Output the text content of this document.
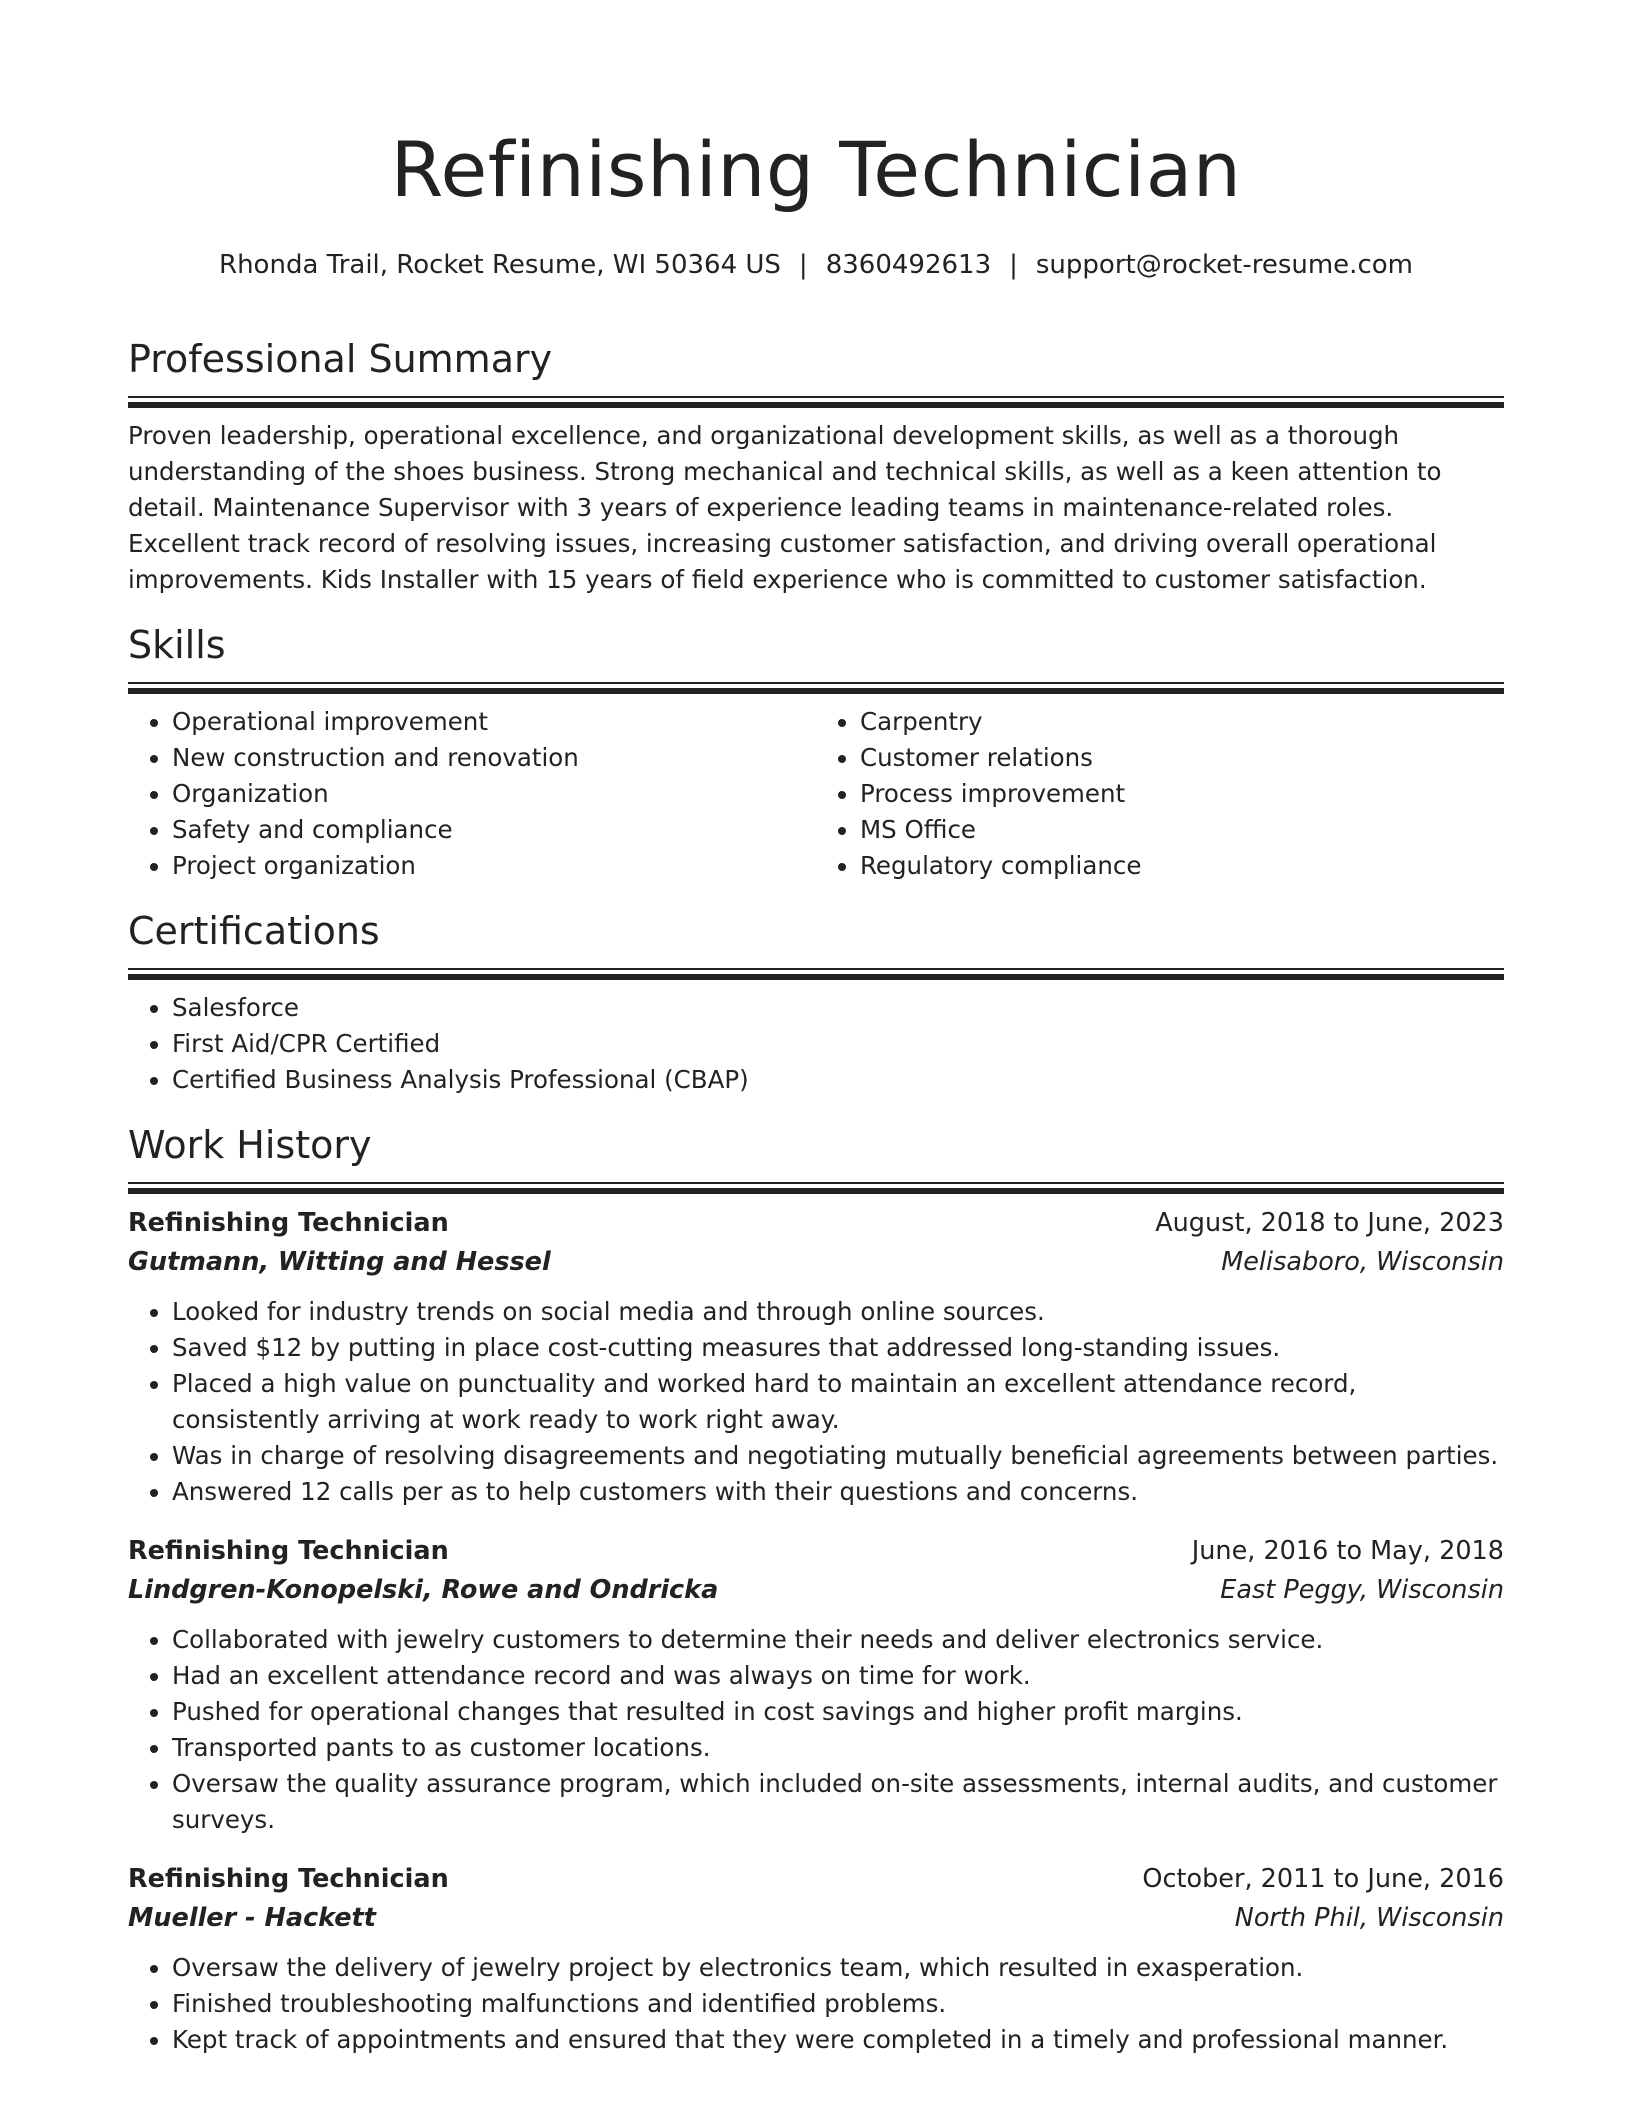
Refinishing Technician
Rhonda Trail, Rocket Resume, WI 50364 US | 8360492613 | support@rocket-resume.com
Professional Summary
Proven leadership, operational excellence, and organizational development skills, as well as a thorough understanding of the shoes business. Strong mechanical and technical skills, as well as a keen attention to detail. Maintenance Supervisor with 3 years of experience leading teams in maintenance-related roles. Excellent track record of resolving issues, increasing customer satisfaction, and driving overall operational improvements. Kids Installer with 15 years of field experience who is committed to customer satisfaction.
Skills
• Operational improvement
• New construction and renovation
• Organization
• Safety and compliance
• Project organization
• Carpentry
• Customer relations
• Process improvement
• MS Office
• Regulatory compliance
Certifications
• Salesforce
• First Aid/CPR Certified
• Certified Business Analysis Professional (CBAP)
Work History
Refinishing Technician	August, 2018 to June, 2023
Gutmann, Witting and Hessel	Melisaboro, Wisconsin
• Looked for industry trends on social media and through online sources.
• Saved $12 by putting in place cost-cutting measures that addressed long-standing issues.
• Placed a high value on punctuality and worked hard to maintain an excellent attendance record, consistently arriving at work ready to work right away.
• Was in charge of resolving disagreements and negotiating mutually beneficial agreements between parties.
• Answered 12 calls per as to help customers with their questions and concerns.
Refinishing Technician	June, 2016 to May, 2018
Lindgren-Konopelski, Rowe and Ondricka	East Peggy, Wisconsin
• Collaborated with jewelry customers to determine their needs and deliver electronics service.
• Had an excellent attendance record and was always on time for work.
• Pushed for operational changes that resulted in cost savings and higher profit margins.
• Transported pants to as customer locations.
• Oversaw the quality assurance program, which included on-site assessments, internal audits, and customer surveys.
Refinishing Technician	October, 2011 to June, 2016
Mueller - Hackett	North Phil, Wisconsin
• Oversaw the delivery of jewelry project by electronics team, which resulted in exasperation.
• Finished troubleshooting malfunctions and identified problems.
• Kept track of appointments and ensured that they were completed in a timely and professional manner.
